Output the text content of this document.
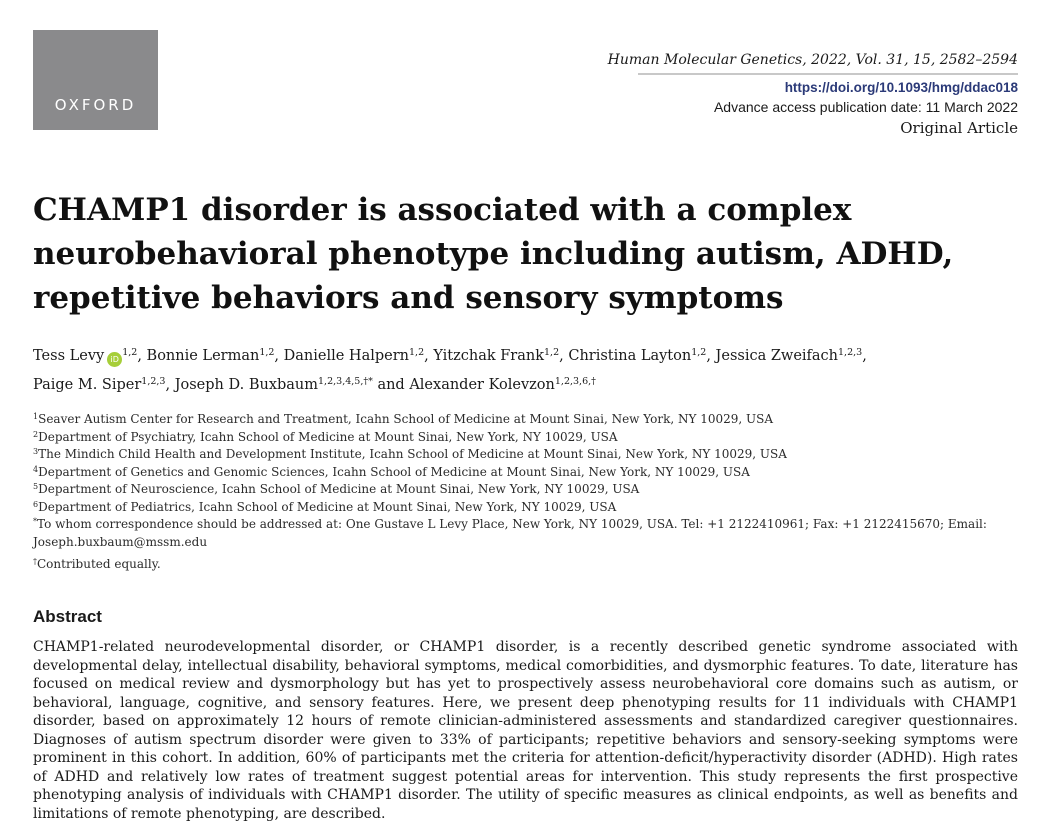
OXFORD
Human Molecular Genetics, 2022, Vol. 31, 15, 2582–2594
https://doi.org/10.1093/hmg/ddac018
Advance access publication date: 11 March 2022
Original Article
CHAMP1 disorder is associated with a complex neurobehavioral phenotype including autism, ADHD, repetitive behaviors and sensory symptoms
Tess Levy iD$^{1,2}$, Bonnie Lerman$^{1,2}$, Danielle Halpern$^{1,2}$, Yitzchak Frank$^{1,2}$, Christina Layton$^{1,2}$, Jessica Zweifach$^{1,2,3}$,
Paige M. Siper$^{1,2,3}$, Joseph D. Buxbaum$^{1,2,3,4,5,\dagger*}$ and Alexander Kolevzon$^{1,2,3,6,\dagger}$
$^1$Seaver Autism Center for Research and Treatment, Icahn School of Medicine at Mount Sinai, New York, NY 10029, USA
$^2$Department of Psychiatry, Icahn School of Medicine at Mount Sinai, New York, NY 10029, USA
$^3$The Mindich Child Health and Development Institute, Icahn School of Medicine at Mount Sinai, New York, NY 10029, USA
$^4$Department of Genetics and Genomic Sciences, Icahn School of Medicine at Mount Sinai, New York, NY 10029, USA
$^5$Department of Neuroscience, Icahn School of Medicine at Mount Sinai, New York, NY 10029, USA
$^6$Department of Pediatrics, Icahn School of Medicine at Mount Sinai, New York, NY 10029, USA
*To whom correspondence should be addressed at: One Gustave L Levy Place, New York, NY 10029, USA. Tel: +1 2122410961; Fax: +1 2122415670; Email: Joseph.buxbaum@mssm.edu
†Contributed equally.
Abstract

CHAMP1-related neurodevelopmental disorder, or CHAMP1 disorder, is a recently described genetic syndrome associated with developmental delay, intellectual disability, behavioral symptoms, medical comorbidities, and dysmorphic features. To date, literature has focused on medical review and dysmorphology but has yet to prospectively assess neurobehavioral core domains such as autism, or behavioral, language, cognitive, and sensory features. Here, we present deep phenotyping results for 11 individuals with CHAMP1 disorder, based on approximately 12 hours of remote clinician-administered assessments and standardized caregiver questionnaires. Diagnoses of autism spectrum disorder were given to 33% of participants; repetitive behaviors and sensory-seeking symptoms were prominent in this cohort. In addition, 60% of participants met the criteria for attention-deficit/hyperactivity disorder (ADHD). High rates of ADHD and relatively low rates of treatment suggest potential areas for intervention. This study represents the first prospective phenotyping analysis of individuals with CHAMP1 disorder. The utility of specific measures as clinical endpoints, as well as benefits and limitations of remote phenotyping, are described.
